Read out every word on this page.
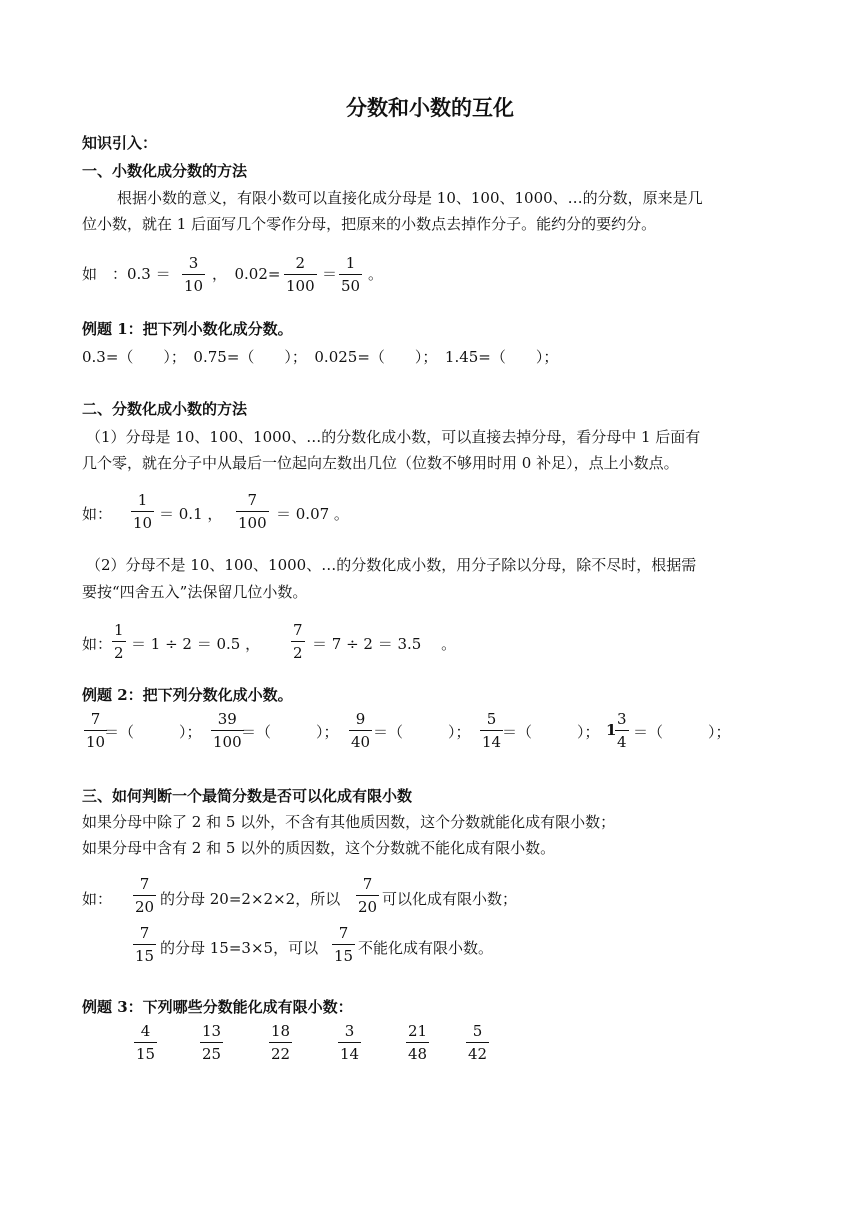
分数和小数的互化
知识引入：
一、小数化成分数的方法
根据小数的意义，有限小数可以直接化成分母是 10、100、1000、…的分数，原来是几
位小数，就在 1 后面写几个零作分母，把原来的小数点去掉作分子。能约分的要约分。
如　：0.3 ＝
3
10
，　0.02=
2
100
＝
1
50
。
例题 1：把下列小数化成分数。
0.3=（　　）；　0.75=（　　）；　0.025=（　　）；　1.45=（　　）；
二、分数化成小数的方法
（1）分母是 10、100、1000、…的分数化成小数，可以直接去掉分母，看分母中 1 后面有
几个零，就在分子中从最后一位起向左数出几位（位数不够用时用 0 补足），点上小数点。
如：
1
10 ＝ 0.1 ，
7
100 ＝ 0.07 。
（2）分母不是 10、100、1000、…的分数化成小数，用分子除以分母，除不尽时，根据需
要按“四舍五入”法保留几位小数。
如：
1
2 ＝ 1 ÷ 2 ＝ 0.5 ，
7
2 ＝ 7 ÷ 2 ＝ 3.5　 。
例题 2：把下列分数化成小数。
7
10
＝（　　　）；
39
100
＝（　　　）；
9
40
＝（　　　）；
5
14
＝（　　　）； 1
3
4
＝（　　　）；
三、如何判断一个最简分数是否可以化成有限小数
如果分母中除了 2 和 5 以外，不含有其他质因数，这个分数就能化成有限小数；
如果分母中含有 2 和 5 以外的质因数，这个分数就不能化成有限小数。
如：
7
20 的分母 20=2×2×2，所以
7
20 可以化成有限小数；
7
15 的分母 15=3×5，可以
7
15 不能化成有限小数。
例题 3：下列哪些分数能化成有限小数：
4
15
13
25
18
22
3
14
21
48
5
42
